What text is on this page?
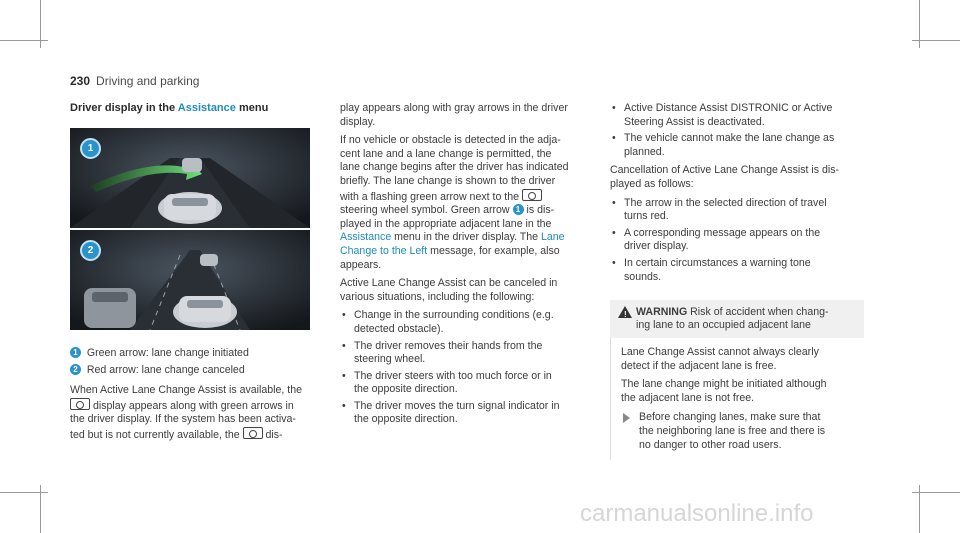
230 Driving and parking
Driver display in the Assistance menu
1
2
1 Green arrow: lane change initiated
2 Red arrow: lane change canceled
When Active Lane Change Assist is available, the
display appears along with green arrows in
the driver display. If the system has been activa-
ted but is not currently available, the dis-

play appears along with gray arrows in the driver
display.

If no vehicle or obstacle is detected in the adja-
cent lane and a lane change is permitted, the
lane change begins after the driver has indicated
briefly. The lane change is shown to the driver
with a flashing green arrow next to the
steering wheel symbol. Green arrow 1 is dis-
played in the appropriate adjacent lane in the
Assistance menu in the driver display. The Lane
Change to the Left message, for example, also
appears.

Active Lane Change Assist can be canceled in
various situations, including the following:

• Change in the surrounding conditions (e.g.
detected obstacle).
• The driver removes their hands from the
steering wheel.
• The driver steers with too much force or in
the opposite direction.
• The driver moves the turn signal indicator in
the opposite direction.
• Active Distance Assist DISTRONIC or Active
Steering Assist is deactivated.
• The vehicle cannot make the lane change as
planned.

Cancellation of Active Lane Change Assist is dis-
played as follows:

• The arrow in the selected direction of travel
turns red.
• A corresponding message appears on the
driver display.
• In certain circumstances a warning tone
sounds.
! WARNING Risk of accident when chang-
ing lane to an occupied adjacent lane

Lane Change Assist cannot always clearly
detect if the adjacent lane is free.

The lane change might be initiated although
the adjacent lane is not free.

Before changing lanes, make sure that
the neighboring lane is free and there is
no danger to other road users.
carmanualsonline.info
